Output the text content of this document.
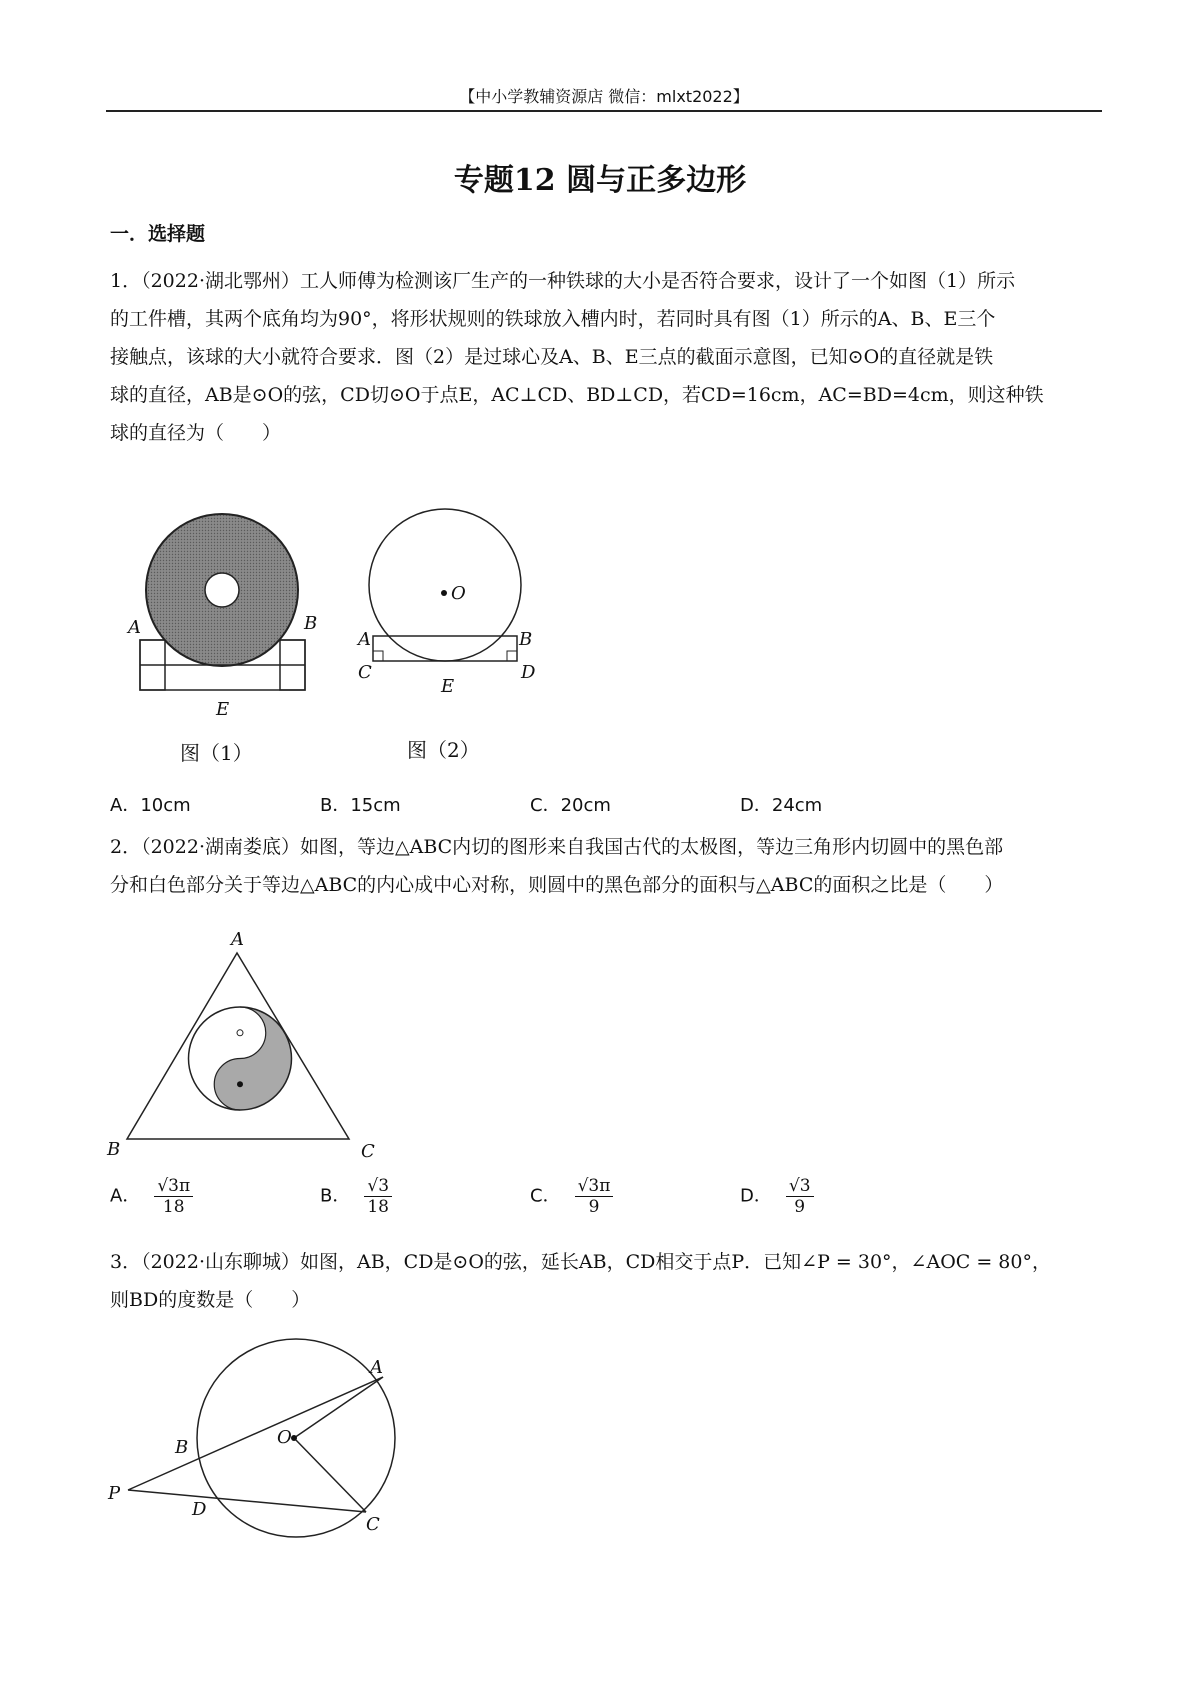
【中小学教辅资源店 微信：mlxt2022】
专题12 圆与正多边形
一．选择题
1．（2022·湖北鄂州）工人师傅为检测该厂生产的一种铁球的大小是否符合要求，设计了一个如图（1）所示
的工件槽，其两个底角均为90°，将形状规则的铁球放入槽内时，若同时具有图（1）所示的A、B、E三个
接触点，该球的大小就符合要求．图（2）是过球心及A、B、E三点的截面示意图，已知⊙O的直径就是铁
球的直径，AB是⊙O的弦，CD切⊙O于点E，AC⊥CD、BD⊥CD，若CD=16cm，AC=BD=4cm，则这种铁
球的直径为（　　）
A	B
E
图（1）
O
A	B
C	D
E
图（2）
A．10cm	B．15cm	C．20cm	D．24cm
2．（2022·湖南娄底）如图，等边△ABC内切的图形来自我国古代的太极图，等边三角形内切圆中的黑色部
分和白色部分关于等边△ABC的内心成中心对称，则圆中的黑色部分的面积与△ABC的面积之比是（　　）
A
B	C
A． $\frac{√3\pi}{18}$	B． $\frac{√3}{18}$	C． $\frac{√3\pi}{9}$	D． $\frac{√3}{9}$
3．（2022·山东聊城）如图，AB，CD是⊙O的弦，延长AB，CD相交于点P．已知∠P = 30°，∠AOC = 80°，
则BD的度数是（　　）
A
B
C
D
O
P
